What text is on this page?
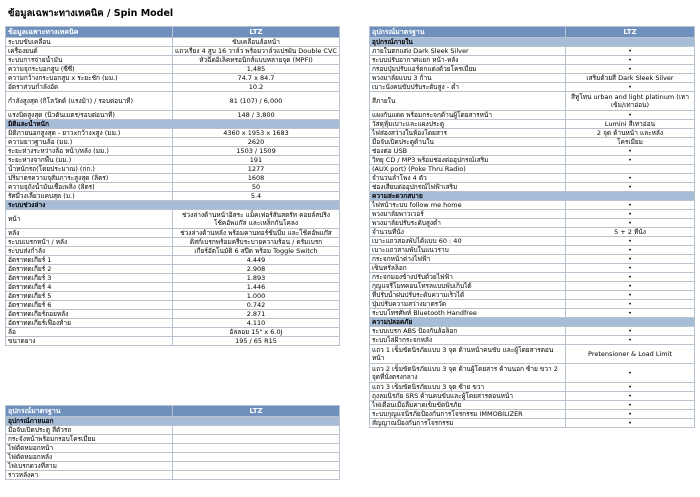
ข้อมูลเฉพาะทางเทคนิค / Spin Model
ข้อมูลเฉพาะทางเทคนิค	LTZ
ระบบขับเคลื่อน	ขับเคลื่อนล้อหน้า
เครื่องยนต์	แถวเรียง 4 สูบ 16 วาล์ว พร้อมวาล์วแปรผัน Double CVC
ระบบการจ่ายน้ำมัน	หัวฉีดอิเล็คทรอนิกส์แบบหลายจุด (MPFI)
ความจุกระบอกสูบ (ซีซี)	1,485
ความกว้างกระบอกสูบ x ระยะชัก (มม.)	74.7 x 84.7
อัตราส่วนกำลังอัด	10.2
กำลังสูงสุด (กิโลวัตต์ (แรงม้า) / รอบต่อนาที)	81 (107) / 6,000
แรงบิดสูงสุด (นิวตันเมตร/รอบต่อนาที)	148 / 3,800
มิติและน้ำหนัก	
มิติภายนอกสูงสุด - ยาวxกว้างxสูง (มม.)	4360 x 1953 x 1683
ความยาวฐานล้อ (มม.)	2620
ระยะห่างระหว่างล้อ หน้า/หลัง (มม.)	1503 / 1509
ระยะห่างจากพื้น (มม.)	191
น้ำหนักรถ(โดยประมาณ) (กก.)	1277
ปริมาตรความจุสัมภาระสูงสุด (ลิตร)	1608
ความจุถังน้ำมันเชื้อเพลิง (ลิตร)	50
รัศมีวงเลี้ยวแคบสุด (ม.)	5.4
ระบบช่วงล่าง	
หน้า	ช่วงล่างด้านหน้าอิสระ แม็คเฟอร์สันสตรัท คอยล์สปริง โช้คอัพแก๊ส และเหล็กกันโคลง
หลัง	ช่วงล่างด้านหลัง พร้อมคานทอร์ชั่นบีม และโช้คอัพแก๊ส
ระบบเบรกหน้า / หลัง	ดิสก์เบรกพร้อมครีบระบายความร้อน / ดรัมเบรก
ระบบส่งกำลัง	เกียร์อัตโนมัติ 6 สปีด พร้อม Toggle Switch
อัตราทดเกียร์ 1	4.449
อัตราทดเกียร์ 2	2.908
อัตราทดเกียร์ 3	1.893
อัตราทดเกียร์ 4	1.446
อัตราทดเกียร์ 5	1.000
อัตราทดเกียร์ 6	0.742
อัตราทดเกียร์ถอยหลัง	2.871
อัตราทดเกียร์เฟืองท้าย	4.110
ล้อ	อัลลอย 15" x 6.0J
ขนาดยาง	195 / 65 R15
อุปกรณ์มาตรฐาน	LTZ
อุปกรณ์ภายนอก	
มือจับเปิดประตู สีตัวรถ	
กระจังหน้าพร้อมกรอบโครเมียม	
ไฟตัดหมอกหน้า	
ไฟตัดหมอกหลัง	
ไฟเบรกดวงที่สาม	
ราวหลังคา	
อุปกรณ์มาตรฐาน	LTZ
อุปกรณ์ภายใน	
ภายในตกแต่ง Dark Sleek Silver	•
ระบบปรับอากาศแยก หน้า-หลัง	•
กรอบปุ่มปรับแอร์ตกแต่งด้วยโครเมียม	•
พวงมาลัยแบบ 3 ก้าน	เสริมด้วยสี Dark Sleek Silver
เบาะนั่งคนขับปรับระดับสูง - ต่ำ	•
สีภายใน	สีทูโทน urban and light platinum (เทาเข้ม/เทาอ่อน)
แผงกันแดด พร้อมกระจกด้านผู้โดยสารหน้า	•
วัสดุหุ้มเบาะและแผงประตู	Lumini สีเทาอ่อน
ไฟส่องสว่างในห้องโดยสาร	2 จุด ด้านหน้า และหลัง
มือจับเปิดประตูด้านใน	โครเมียม
ช่องต่อ USB	•
วิทยุ CD / MP3 พร้อมช่องต่ออุปกรณ์เสริม	•
(AUX port) (Poke Thru Radio)	
จำนวนลำโพง 4 ตัว	•
ช่องเสียบต่ออุปกรณ์ไฟฟ้าเสริม	•
ความสะดวกสบาย	
ไฟหน้าระบบ follow me home	•
พวงมาลัยพาวเวอร์	•
พวงมาลัยปรับระดับสูงต่ำ	•
จำนวนที่นั่ง	5 + 2 ที่นั่ง
เบาะแถวสองพับได้แบบ 60 : 40	•
เบาะแถวสามพับในแนวราบ	•
กระจกหน้าต่างไฟฟ้า	•
เซ็นทรัลล็อก	•
กระจกมองข้างปรับด้วยไฟฟ้า	•
กุญแจรีโมทคอนโทรลแบบพับเก็บได้	•
ที่ปรับน้ำฝนปรับระดับความเร็วได้	•
ปุ่มปรับความสว่างมาตรวัด	•
ระบบโทรศัพท์ Bluetooth Handfree	•
ความปลอดภัย	
ระบบเบรก ABS ป้องกันล้อล็อก	•
ระบบไล่ฝ้ากระจกหลัง	•
แถว 1 เข็มขัดนิรภัยแบบ 3 จุด ด้านหน้าคนขับ และผู้โดยสารตอนหน้า	Pretensioner & Load Limit
แถว 2 เข็มขัดนิรภัยแบบ 3 จุด ด้านผู้โดยสาร ด้านนอก ซ้าย ขวา 2 จุดที่นั่งตรงกลาง	•
แถว 3 เข็มขัดนิรภัยแบบ 3 จุด ซ้าย ขวา	•
ถุงลมนิรภัย SRS ด้านคนขับและผู้โดยสารตอนหน้า	•
ไฟเตือนเมื่อลืมคาดเข็มขัดนิรภัย	•
ระบบกุญแจนิรภัยป้องกันการโจรกรรม IMMOBILIZER	•
สัญญาณป้องกันการโจรกรรม	•
